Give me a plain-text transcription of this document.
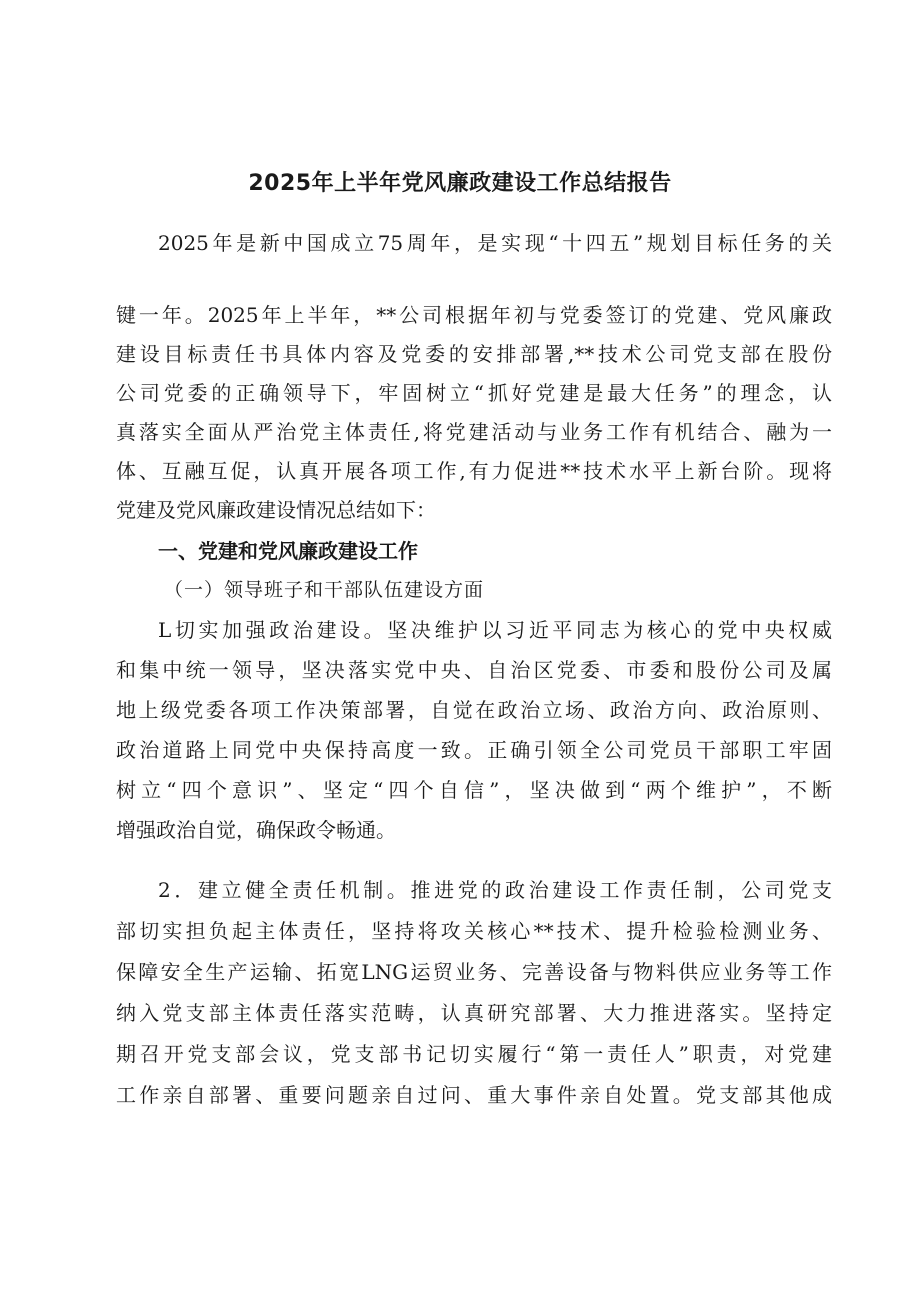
2025年上半年党风廉政建设工作总结报告

2025年是新中国成立75周年，是实现“十四五”规划目标任务的关

键一年。2025年上半年，**公司根据年初与党委签订的党建、党风廉政

建设目标责任书具体内容及党委的安排部署,**技术公司党支部在股份

公司党委的正确领导下，牢固树立“抓好党建是最大任务”的理念，认

真落实全面从严治党主体责任,将党建活动与业务工作有机结合、融为一

体、互融互促，认真开展各项工作,有力促进**技术水平上新台阶。现将

党建及党风廉政建设情况总结如下：

一、党建和党风廉政建设工作

（一）领导班子和干部队伍建设方面

L切实加强政治建设。坚决维护以习近平同志为核心的党中央权威

和集中统一领导，坚决落实党中央、自治区党委、市委和股份公司及属

地上级党委各项工作决策部署，自觉在政治立场、政治方向、政治原则、

政治道路上同党中央保持高度一致。正确引领全公司党员干部职工牢固

树立“四个意识”、坚定“四个自信”，坚决做到“两个维护”，不断

增强政治自觉，确保政令畅通。

2．建立健全责任机制。推进党的政治建设工作责任制，公司党支

部切实担负起主体责任，坚持将攻关核心**技术、提升检验检测业务、

保障安全生产运输、拓宽LNG运贸业务、完善设备与物料供应业务等工作

纳入党支部主体责任落实范畴，认真研究部署、大力推进落实。坚持定

期召开党支部会议，党支部书记切实履行“第一责任人”职责，对党建

工作亲自部署、重要问题亲自过问、重大事件亲自处置。党支部其他成
